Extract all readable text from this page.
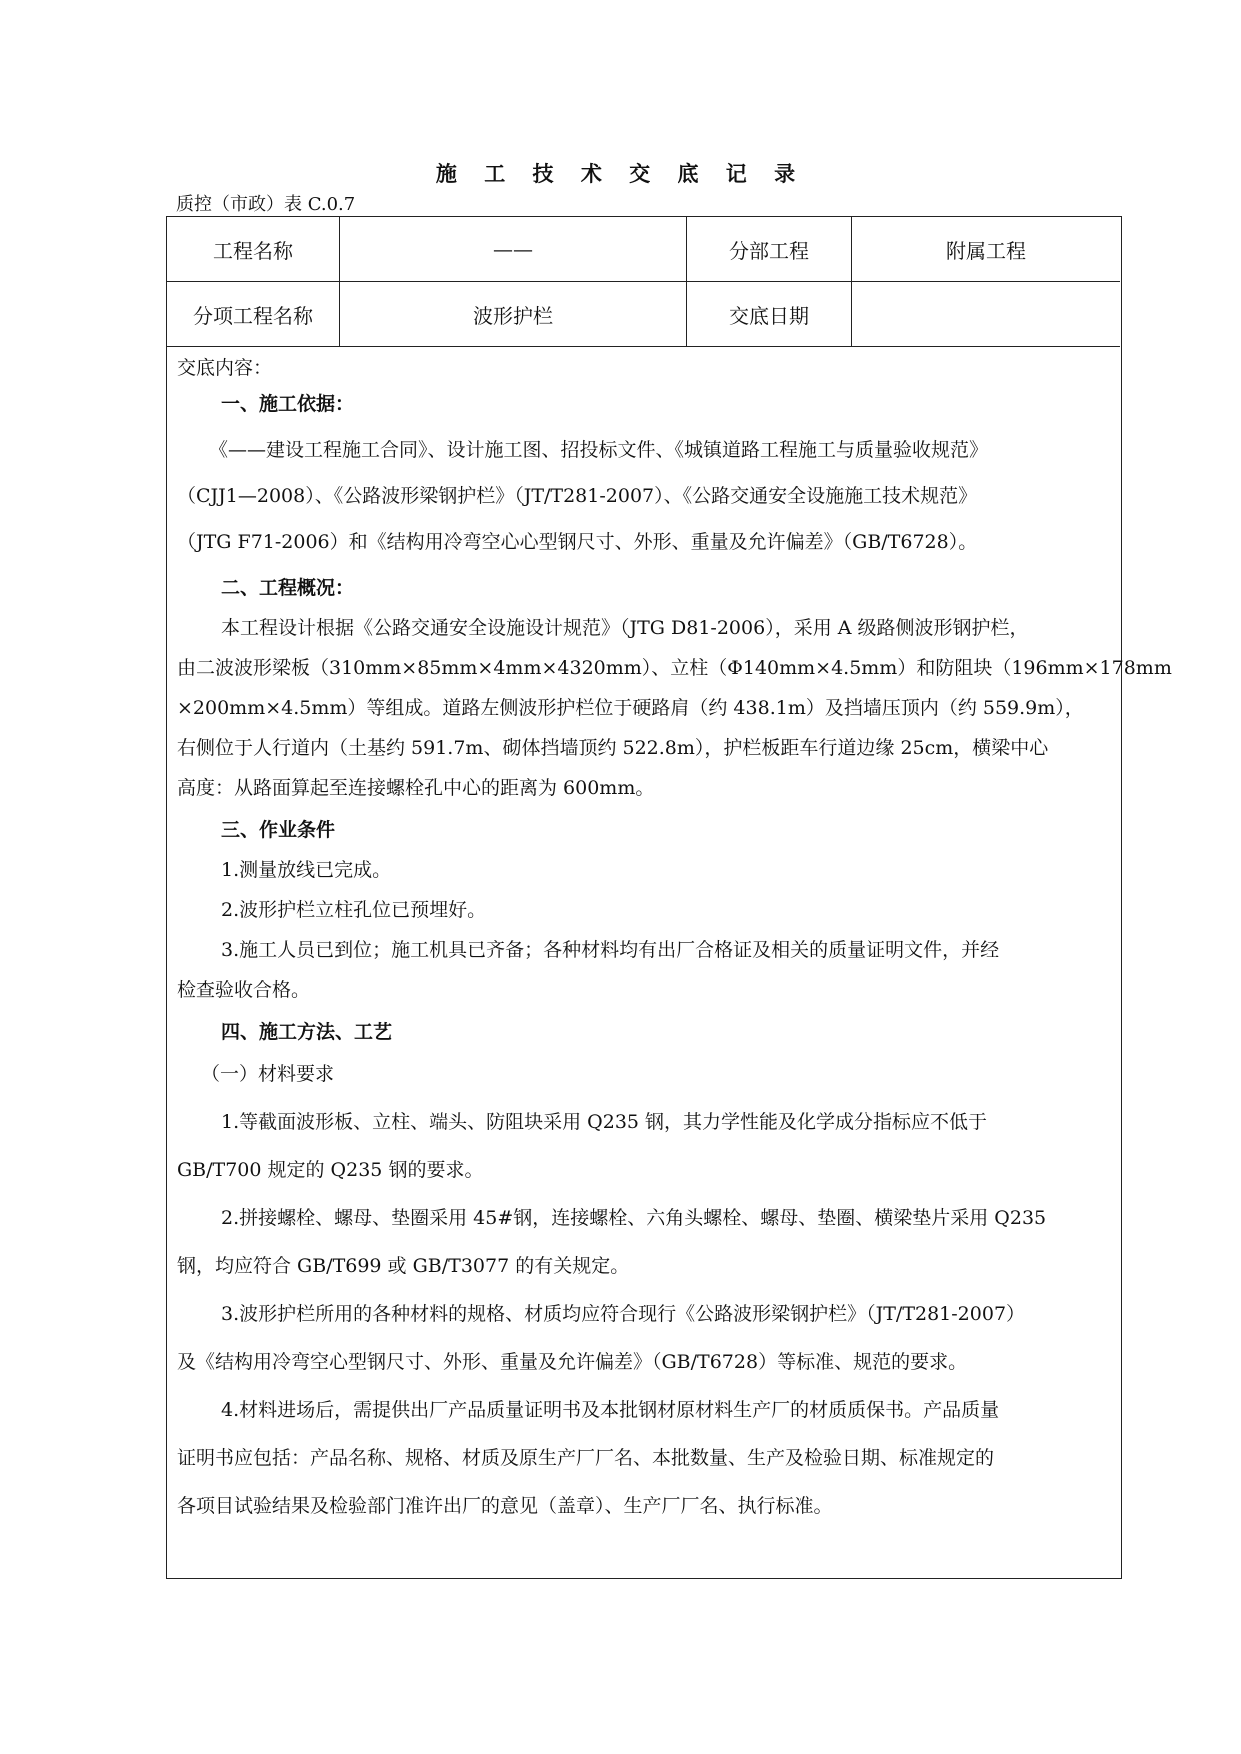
施 工 技 术 交 底 记 录
质控（市政）表 C.0.7
工程名称	——	分部工程	附属工程
分项工程名称	波形护栏	交底日期	
交底内容：
一、施工依据：
《——建设工程施工合同》、设计施工图、招投标文件、《城镇道路工程施工与质量验收规范》
（CJJ1—2008）、《公路波形梁钢护栏》（JT/T281-2007）、《公路交通安全设施施工技术规范》
（JTG F71-2006）和《结构用冷弯空心心型钢尺寸、外形、重量及允许偏差》（GB/T6728）。
二、工程概况：
本工程设计根据《公路交通安全设施设计规范》（JTG D81-2006），采用 A 级路侧波形钢护栏，
由二波波形梁板（310mm×85mm×4mm×4320mm）、立柱（Φ140mm×4.5mm）和防阻块（196mm×178mm
×200mm×4.5mm）等组成。道路左侧波形护栏位于硬路肩（约 438.1m）及挡墙压顶内（约 559.9m），
右侧位于人行道内（土基约 591.7m、砌体挡墙顶约 522.8m），护栏板距车行道边缘 25cm，横梁中心
高度：从路面算起至连接螺栓孔中心的距离为 600mm。
三、作业条件
1.测量放线已完成。
2.波形护栏立柱孔位已预埋好。
3.施工人员已到位；施工机具已齐备；各种材料均有出厂合格证及相关的质量证明文件，并经
检查验收合格。
四、施工方法、工艺
（一）材料要求
1.等截面波形板、立柱、端头、防阻块采用 Q235 钢，其力学性能及化学成分指标应不低于
GB/T700 规定的 Q235 钢的要求。
2.拼接螺栓、螺母、垫圈采用 45#钢，连接螺栓、六角头螺栓、螺母、垫圈、横梁垫片采用 Q235
钢，均应符合 GB/T699 或 GB/T3077 的有关规定。
3.波形护栏所用的各种材料的规格、材质均应符合现行《公路波形梁钢护栏》（JT/T281-2007）
及《结构用冷弯空心型钢尺寸、外形、重量及允许偏差》（GB/T6728）等标准、规范的要求。
4.材料进场后，需提供出厂产品质量证明书及本批钢材原材料生产厂的材质质保书。产品质量
证明书应包括：产品名称、规格、材质及原生产厂厂名、本批数量、生产及检验日期、标准规定的
各项目试验结果及检验部门准许出厂的意见（盖章）、生产厂厂名、执行标准。
